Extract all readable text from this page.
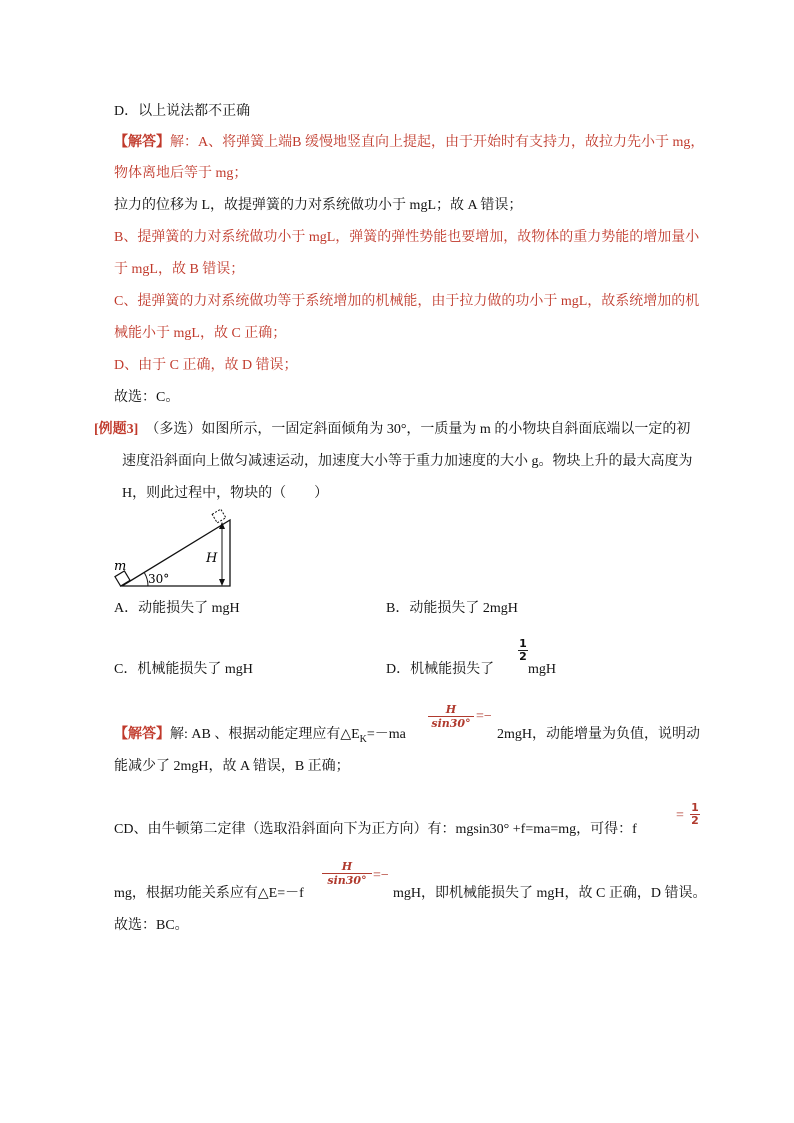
D．以上说法都不正确
【解答】解：A、将弹簧上端B 缓慢地竖直向上提起，由于开始时有支持力，故拉力先小于 mg，
物体离地后等于 mg；
拉力的位移为 L，故提弹簧的力对系统做功小于 mgL；故 A 错误；
B、提弹簧的力对系统做功小于 mgL，弹簧的弹性势能也要增加，故物体的重力势能的增加量小
于 mgL，故 B 错误；
C、提弹簧的力对系统做功等于系统增加的机械能，由于拉力做的功小于 mgL，故系统增加的机
械能小于 mgL，故 C 正确；
D、由于 C 正确，故 D 错误；
故选：C。
[例题3] （多选）如图所示，一固定斜面倾角为 30°，一质量为 m 的小物块自斜面底端以一定的初
速度沿斜面向上做匀减速运动，加速度大小等于重力加速度的大小 g。物块上升的最大高度为
H，则此过程中，物块的（　　）
m
30°
H
A．动能损失了 mgH	B．动能损失了 2mgH
C．机械能损失了 mgH	D．机械能损失了
$\frac{1}{2}$
mgH
【解答】解: AB 、根据动能定理应有$\triangle E_K=-ma$
$\frac{H}{\sin 30^\circ}$ =−
2mgH，动能增量为负值，说明动
能减少了 2mgH，故 A 错误，B 正确；
CD、由牛顿第二定律（选取沿斜面向下为正方向）有：mgsin30° +f=ma=mg，可得：f
= $\frac{1}{2}$
mg，根据功能关系应有△E=－f
$\frac{H}{\sin 30^\circ}$ =−
mgH，即机械能损失了 mgH，故 C 正确，D 错误。
故选：BC。
